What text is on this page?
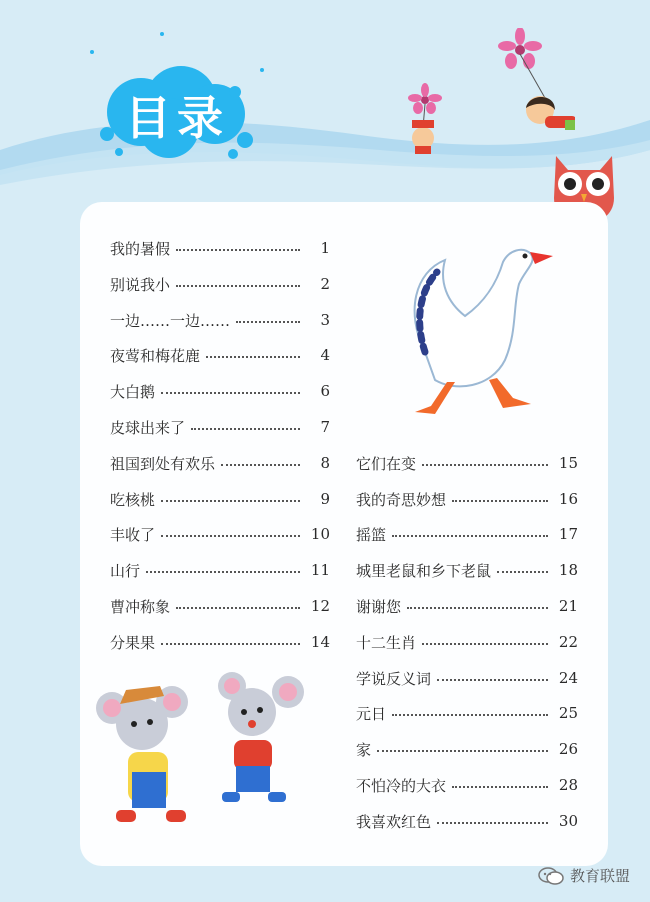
目录
我的暑假	1
别说我小	2
一边……一边……	3
夜莺和梅花鹿	4
大白鹅	6
皮球出来了	7
祖国到处有欢乐	8
吃核桃	9
丰收了	10
山行	11
曹冲称象	12
分果果	14
它们在变	15
我的奇思妙想	16
摇篮	17
城里老鼠和乡下老鼠	18
谢谢您	21
十二生肖	22
学说反义词	24
元日	25
家	26
不怕冷的大衣	28
我喜欢红色	30
教育联盟
